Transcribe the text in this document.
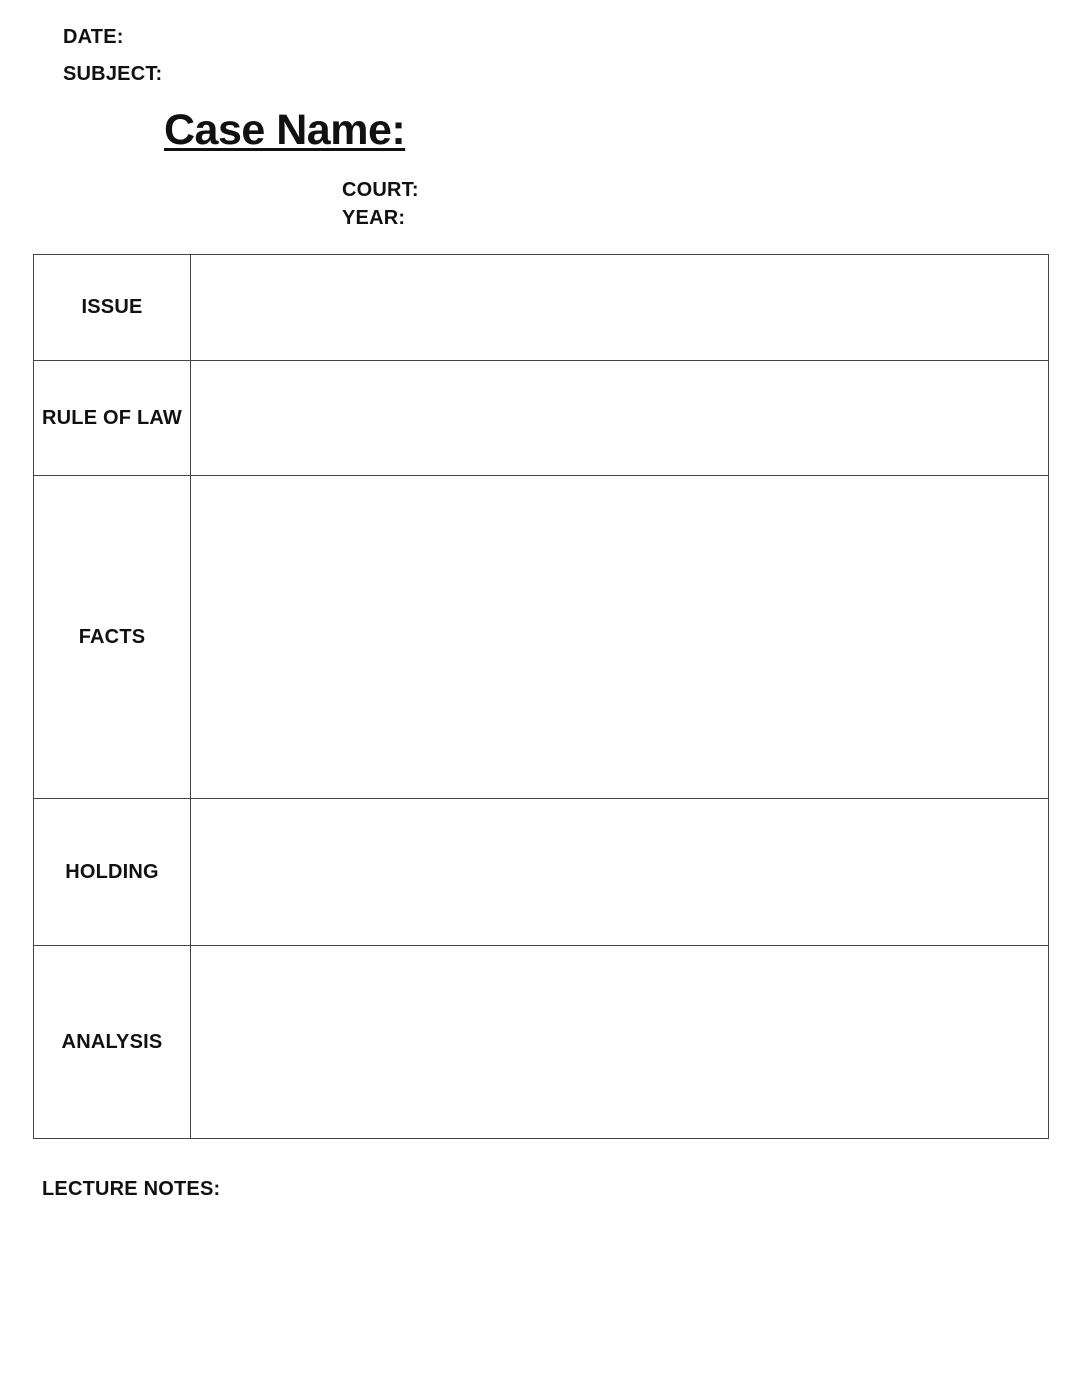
DATE:
SUBJECT:
Case Name:
COURT:
YEAR:
ISSUE	
RULE OF LAW	
FACTS	
HOLDING	
ANALYSIS	
LECTURE NOTES:
